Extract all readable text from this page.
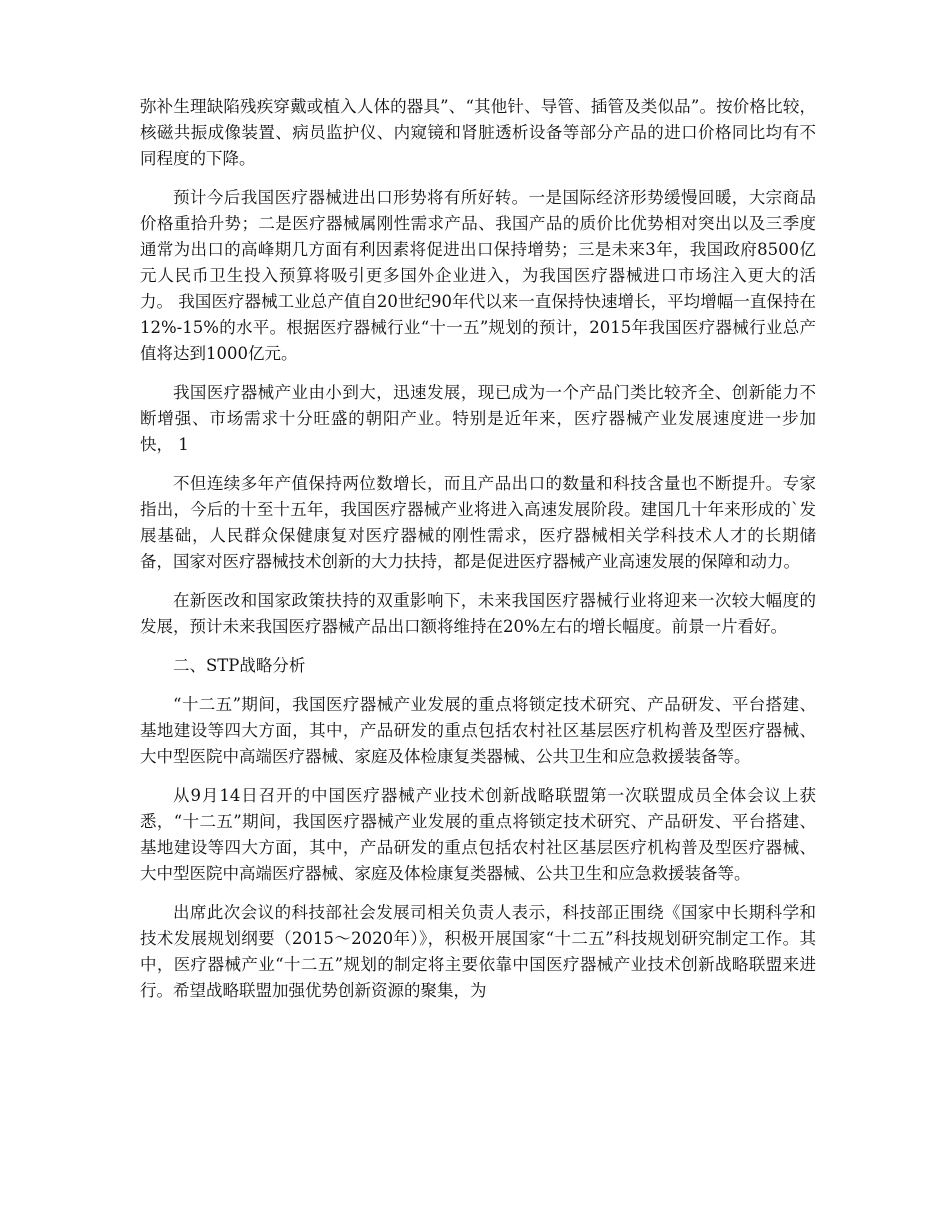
弥补生理缺陷残疾穿戴或植入人体的器具”、“其他针、导管、插管及类似品”。按价格比较，核磁共振成像装置、病员监护仪、内窥镜和肾脏透析设备等部分产品的进口价格同比均有不同程度的下降。

预计今后我国医疗器械进出口形势将有所好转。一是国际经济形势缓慢回暖，大宗商品价格重拾升势；二是医疗器械属刚性需求产品、我国产品的质价比优势相对突出以及三季度通常为出口的高峰期几方面有利因素将促进出口保持增势；三是未来3年，我国政府8500亿元人民币卫生投入预算将吸引更多国外企业进入，为我国医疗器械进口市场注入更大的活力。 我国医疗器械工业总产值自20世纪90年代以来一直保持快速增长，平均增幅一直保持在12%-15%的水平。根据医疗器械行业“十一五”规划的预计，2015年我国医疗器械行业总产值将达到1000亿元。

我国医疗器械产业由小到大，迅速发展，现已成为一个产品门类比较齐全、创新能力不断增强、市场需求十分旺盛的朝阳产业。特别是近年来，医疗器械产业发展速度进一步加快， 1

不但连续多年产值保持两位数增长，而且产品出口的数量和科技含量也不断提升。专家指出，今后的十至十五年，我国医疗器械产业将进入高速发展阶段。建国几十年来形成的`发展基础，人民群众保健康复对医疗器械的刚性需求，医疗器械相关学科技术人才的长期储备，国家对医疗器械技术创新的大力扶持，都是促进医疗器械产业高速发展的保障和动力。

在新医改和国家政策扶持的双重影响下，未来我国医疗器械行业将迎来一次较大幅度的发展，预计未来我国医疗器械产品出口额将维持在20%左右的增长幅度。前景一片看好。

二、STP战略分析

“十二五”期间，我国医疗器械产业发展的重点将锁定技术研究、产品研发、平台搭建、基地建设等四大方面，其中，产品研发的重点包括农村社区基层医疗机构普及型医疗器械、大中型医院中高端医疗器械、家庭及体检康复类器械、公共卫生和应急救援装备等。

从9月14日召开的中国医疗器械产业技术创新战略联盟第一次联盟成员全体会议上获悉，“十二五”期间，我国医疗器械产业发展的重点将锁定技术研究、产品研发、平台搭建、基地建设等四大方面，其中，产品研发的重点包括农村社区基层医疗机构普及型医疗器械、大中型医院中高端医疗器械、家庭及体检康复类器械、公共卫生和应急救援装备等。

出席此次会议的科技部社会发展司相关负责人表示，科技部正围绕《国家中长期科学和技术发展规划纲要（2015～2020年）》，积极开展国家“十二五”科技规划研究制定工作。其中，医疗器械产业“十二五”规划的制定将主要依靠中国医疗器械产业技术创新战略联盟来进行。希望战略联盟加强优势创新资源的聚集，为
